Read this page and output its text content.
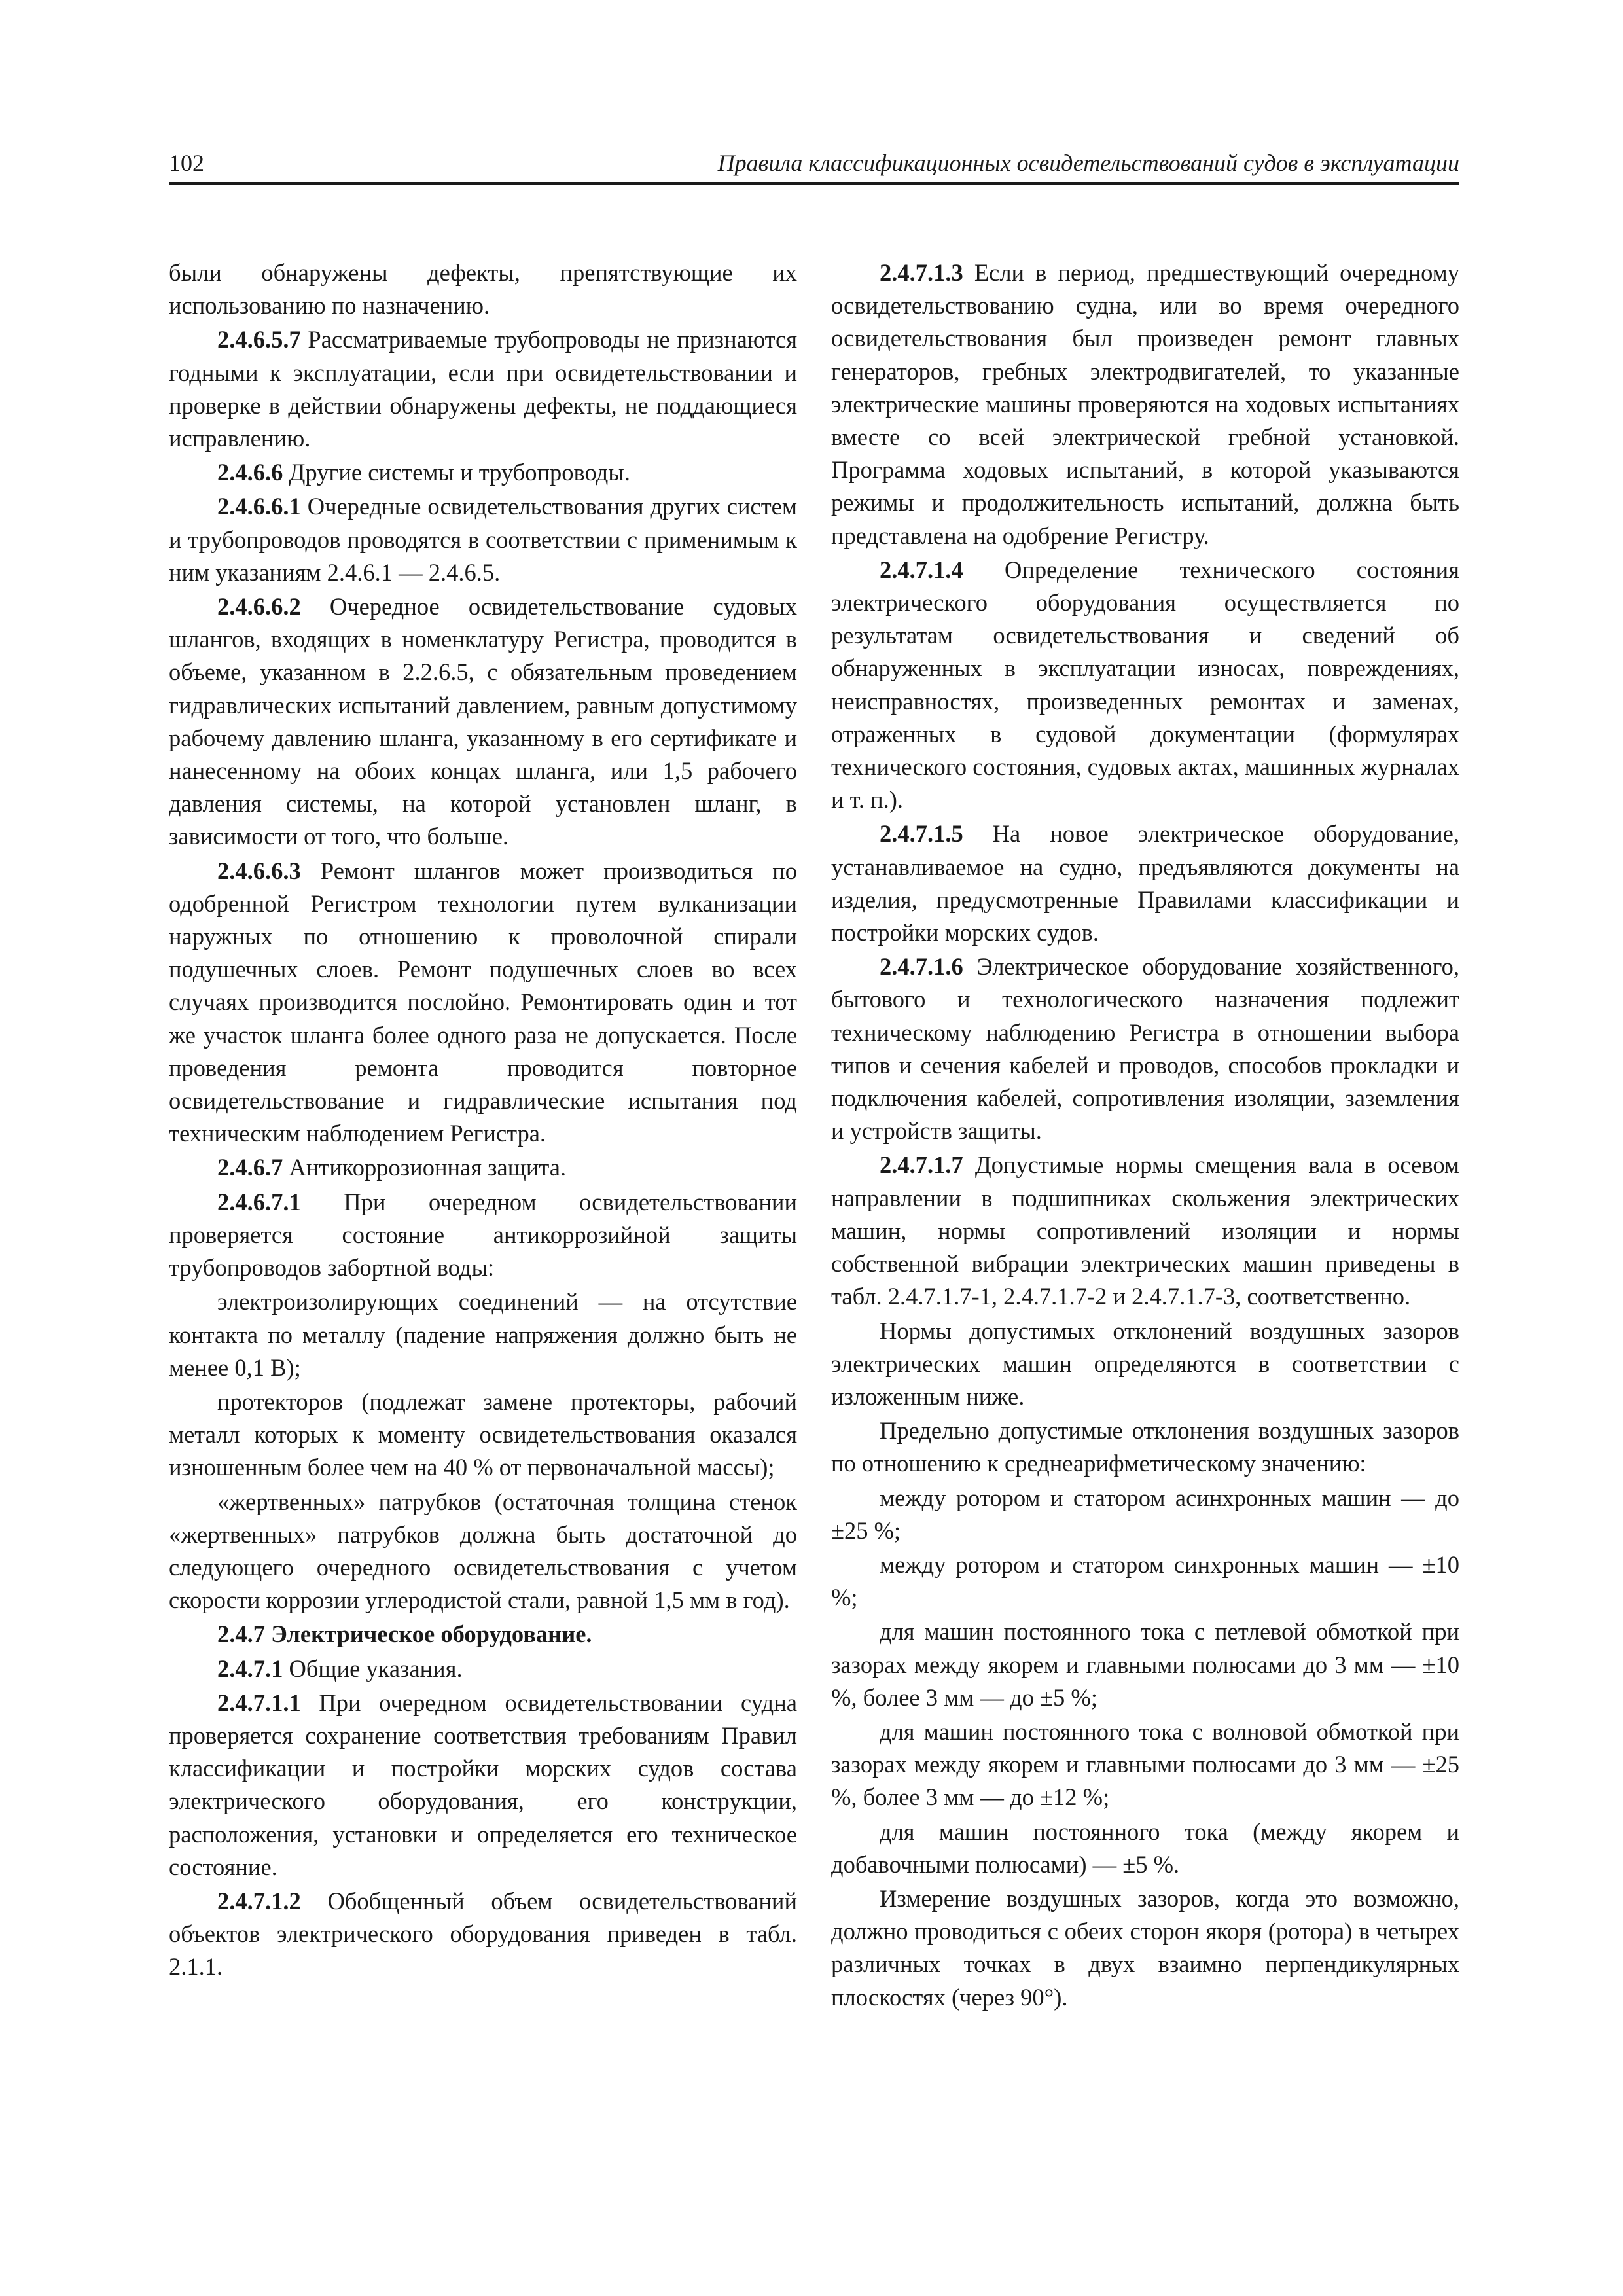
102	Правила классификационных освидетельствований судов в эксплуатации

были обнаружены дефекты, препятствующие их использованию по назначению.

2.4.6.5.7 Рассматриваемые трубопроводы не признаются годными к эксплуатации, если при освидетельствовании и проверке в действии обнаружены дефекты, не поддающиеся исправлению.

2.4.6.6 Другие системы и трубопроводы.

2.4.6.6.1 Очередные освидетельствования других систем и трубопроводов проводятся в соответствии с применимым к ним указаниям 2.4.6.1 — 2.4.6.5.

2.4.6.6.2 Очередное освидетельствование судовых шлангов, входящих в номенклатуру Регистра, проводится в объеме, указанном в 2.2.6.5, с обязательным проведением гидравлических испытаний давлением, равным допустимому рабочему давлению шланга, указанному в его сертификате и нанесенному на обоих концах шланга, или 1,5 рабочего давления системы, на которой установлен шланг, в зависимости от того, что больше.

2.4.6.6.3 Ремонт шлангов может производиться по одобренной Регистром технологии путем вулканизации наружных по отношению к проволочной спирали подушечных слоев. Ремонт подушечных слоев во всех случаях производится послойно. Ремонтировать один и тот же участок шланга более одного раза не допускается. После проведения ремонта проводится повторное освидетельствование и гидравлические испытания под техническим наблюдением Регистра.

2.4.6.7 Антикоррозионная защита.

2.4.6.7.1 При очередном освидетельствовании проверяется состояние антикоррозийной защиты трубопроводов забортной воды:

электроизолирующих соединений — на отсутствие контакта по металлу (падение напряжения должно быть не менее 0,1 В);

протекторов (подлежат замене протекторы, рабочий металл которых к моменту освидетельствования оказался изношенным более чем на 40 % от первоначальной массы);

«жертвенных» патрубков (остаточная толщина стенок «жертвенных» патрубков должна быть достаточной до следующего очередного освидетельствования с учетом скорости коррозии углеродистой стали, равной 1,5 мм в год).

2.4.7 Электрическое оборудование.

2.4.7.1 Общие указания.

2.4.7.1.1 При очередном освидетельствовании судна проверяется сохранение соответствия требованиям Правил классификации и постройки морских судов состава электрического оборудования, его конструкции, расположения, установки и определяется его техническое состояние.

2.4.7.1.2 Обобщенный объем освидетельствований объектов электрического оборудования приведен в табл. 2.1.1.

2.4.7.1.3 Если в период, предшествующий очередному освидетельствованию судна, или во время очередного освидетельствования был произведен ремонт главных генераторов, гребных электродвигателей, то указанные электрические машины проверяются на ходовых испытаниях вместе со всей электрической гребной установкой. Программа ходовых испытаний, в которой указываются режимы и продолжительность испытаний, должна быть представлена на одобрение Регистру.

2.4.7.1.4 Определение технического состояния электрического оборудования осуществляется по результатам освидетельствования и сведений об обнаруженных в эксплуатации износах, повреждениях, неисправностях, произведенных ремонтах и заменах, отраженных в судовой документации (формулярах технического состояния, судовых актах, машинных журналах и т. п.).

2.4.7.1.5 На новое электрическое оборудование, устанавливаемое на судно, предъявляются документы на изделия, предусмотренные Правилами классификации и постройки морских судов.

2.4.7.1.6 Электрическое оборудование хозяйственного, бытового и технологического назначения подлежит техническому наблюдению Регистра в отношении выбора типов и сечения кабелей и проводов, способов прокладки и подключения кабелей, сопротивления изоляции, заземления и устройств защиты.

2.4.7.1.7 Допустимые нормы смещения вала в осевом направлении в подшипниках скольжения электрических машин, нормы сопротивлений изоляции и нормы собственной вибрации электрических машин приведены в табл. 2.4.7.1.7-1, 2.4.7.1.7-2 и 2.4.7.1.7-3, соответственно.

Нормы допустимых отклонений воздушных зазоров электрических машин определяются в соответствии с изложенным ниже.

Предельно допустимые отклонения воздушных зазоров по отношению к среднеарифметическому значению:

между ротором и статором асинхронных машин — до ±25 %;

между ротором и статором синхронных машин — ±10 %;

для машин постоянного тока с петлевой обмоткой при зазорах между якорем и главными полюсами до 3 мм — ±10 %, более 3 мм — до ±5 %;

для машин постоянного тока с волновой обмоткой при зазорах между якорем и главными полюсами до 3 мм — ±25 %, более 3 мм — до ±12 %;

для машин постоянного тока (между якорем и добавочными полюсами) — ±5 %.

Измерение воздушных зазоров, когда это возможно, должно проводиться с обеих сторон якоря (ротора) в четырех различных точках в двух взаимно перпендикулярных плоскостях (через 90°).
